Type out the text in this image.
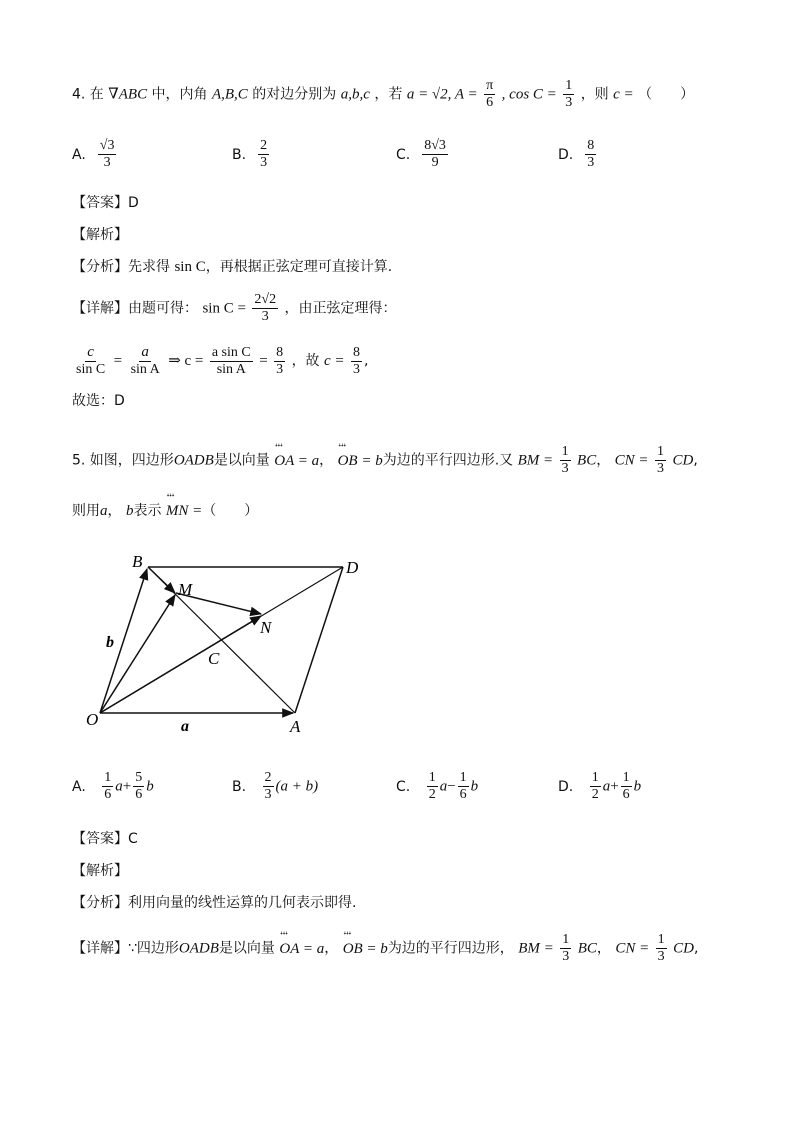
4. 在 ∇ABC 中，内角 A,B,C 的对边分别为 a,b,c ，若 a = √2, $A = \frac{\pi}{6}$ , $\cos C = \frac{1}{3}$ ，则 c = （　　）
A. $\frac{√3}{3}$	B. $\frac{2}{3}$	C. $\frac{8√3}{9}$	D. $\frac{8}{3}$
【答案】D
【解析】
【分析】先求得 sin C，再根据正弦定理可直接计算.
【详解】由题可得： $\sin C = \frac{2√2}{3}$ ，由正弦定理得：
$\frac{c}{\text{sin C}} = \frac{a}{\text{sin A}}$ ⇒ $c = \frac{\text{a sin C}}{\text{sin A}} = \frac{8}{3}$ ，故 $c = \frac{8}{3}$ ,
故选：D
5. 如图，四边形OADB是以向量 ꜜꜜꜜ OA = a， ꜜꜜꜜ OB = b为边的平行四边形.又 BM = $\frac{1}{3}$ BC， CN = $\frac{1}{3}$ CD,
则用a， b表示 ꜜꜜꜜ MN =（　　）
B	D
M
N
C
O	A
a
b
A. $\frac{1}{6} a+ \frac{5}{6}$ b	B. $\frac{2}{3} (a + b)$	C. $\frac{1}{2} a- \frac{1}{6}$ b	D. $\frac{1}{2} a+ \frac{1}{6}$ b
【答案】C
【解析】
【分析】利用向量的线性运算的几何表示即得.
【详解】∵四边形OADB是以向量 ꜜꜜꜜ OA = a， ꜜꜜꜜ OB = b为边的平行四边形， BM = $\frac{1}{3}$ BC， CN = $\frac{1}{3}$ CD,
